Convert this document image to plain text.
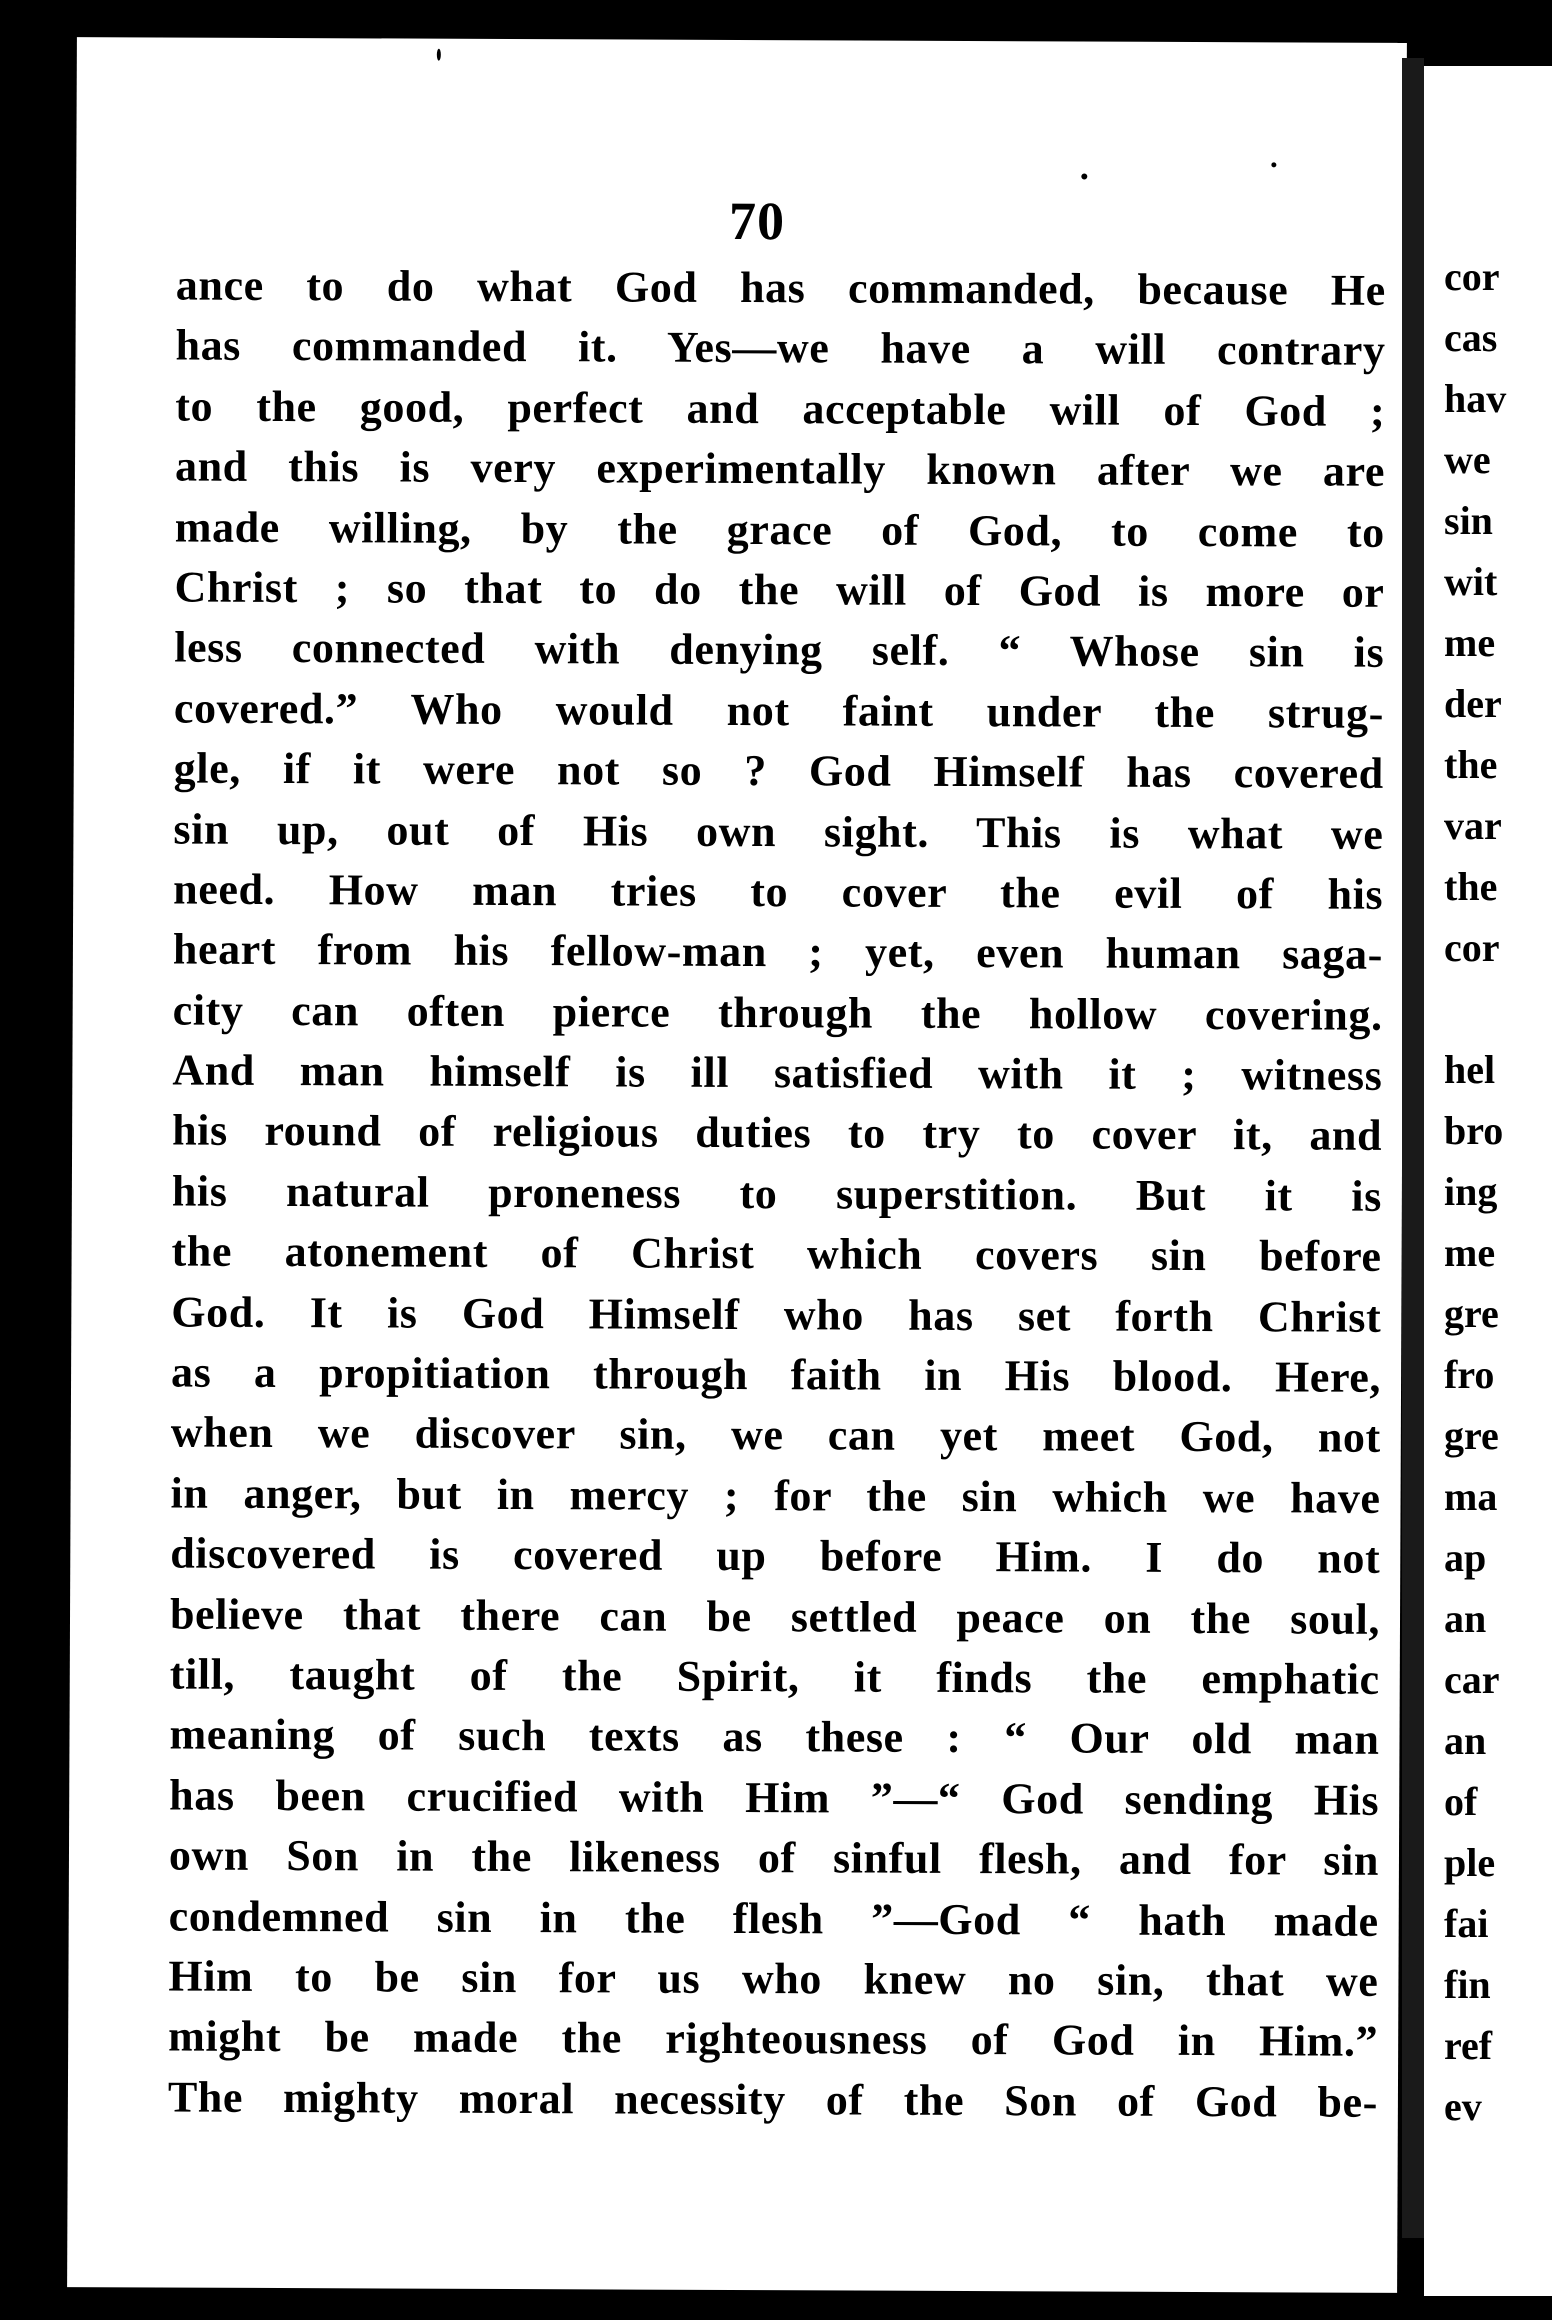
70
ance to do what God has commanded, because He
has commanded it. Yes—we have a will contrary
to the good, perfect and acceptable will of God ;
and this is very experimentally known after we are
made willing, by the grace of God, to come to
Christ ; so that to do the will of God is more or
less connected with denying self. “ Whose sin is
covered.” Who would not faint under the strug-
gle, if it were not so ? God Himself has covered
sin up, out of His own sight. This is what we
need. How man tries to cover the evil of his
heart from his fellow-man ; yet, even human saga-
city can often pierce through the hollow covering.
And man himself is ill satisfied with it ; witness
his round of religious duties to try to cover it, and
his natural proneness to superstition. But it is
the atonement of Christ which covers sin before
God. It is God Himself who has set forth Christ
as a propitiation through faith in His blood. Here,
when we discover sin, we can yet meet God, not
in anger, but in mercy ; for the sin which we have
discovered is covered up before Him. I do not
believe that there can be settled peace on the soul,
till, taught of the Spirit, it finds the emphatic
meaning of such texts as these : “ Our old man
has been crucified with Him ”—“ God sending His
own Son in the likeness of sinful flesh, and for sin
condemned sin in the flesh ”—God “ hath made
Him to be sin for us who knew no sin, that we
might be made the righteousness of God in Him.”
The mighty moral necessity of the Son of God be-
cor
cas
hav
we
sin
wit
me
der
the
var
the
cor
hel
bro
ing
me
gre
fro
gre
ma
ap
an
car
an
of
ple
fai
fin
ref
ev
